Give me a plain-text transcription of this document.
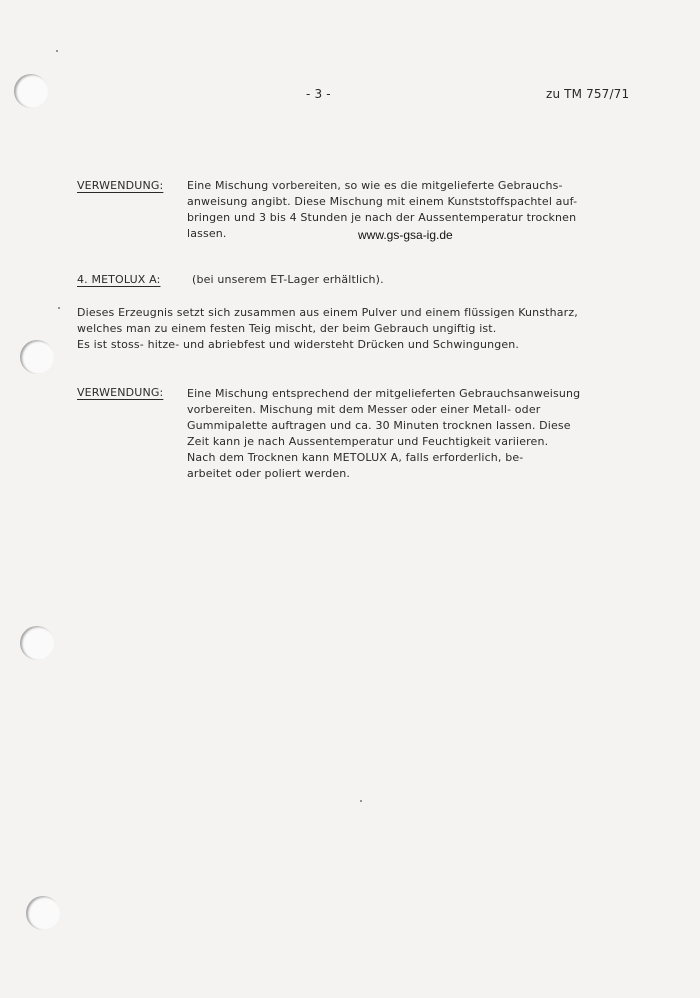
- 3 -	zu TM 757/71
VERWENDUNG: Eine Mischung vorbereiten, so wie es die mitgelieferte Gebrauchs-
anweisung angibt. Diese Mischung mit einem Kunststoffspachtel auf-
bringen und 3 bis 4 Stunden je nach der Aussentemperatur trocknen
lassen.	www.gs-gsa-ig.de
4. METOLUX A:	(bei unserem ET-Lager erhältlich).
Dieses Erzeugnis setzt sich zusammen aus einem Pulver und einem flüssigen Kunstharz,
welches man zu einem festen Teig mischt, der beim Gebrauch ungiftig ist.
Es ist stoss- hitze- und abriebfest und widersteht Drücken und Schwingungen.
VERWENDUNG: Eine Mischung entsprechend der mitgelieferten Gebrauchsanweisung
vorbereiten. Mischung mit dem Messer oder einer Metall- oder
Gummipalette auftragen und ca. 30 Minuten trocknen lassen. Diese
Zeit kann je nach Aussentemperatur und Feuchtigkeit variieren.
Nach dem Trocknen kann METOLUX A, falls erforderlich, be-
arbeitet oder poliert werden.
